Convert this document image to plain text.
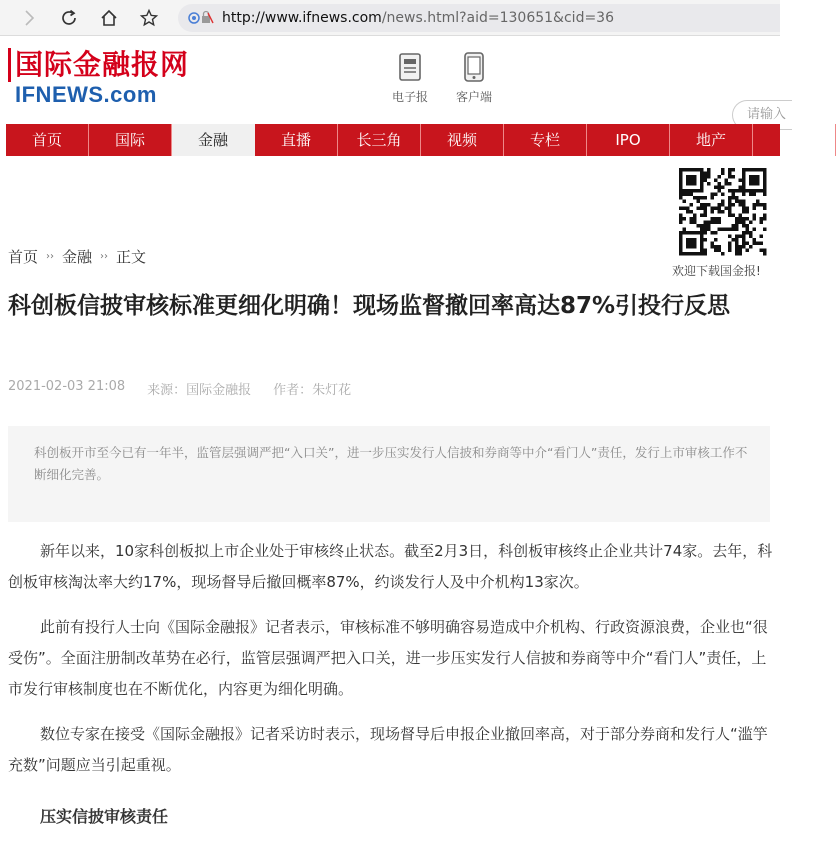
http://www.ifnews.com /news.html?aid=130651&cid=36
国际金融报网
IFNEWS.com	电子报	客户端
请输入
首页	国际	金融	直播	长三角	视频	专栏	IPO	地产
欢迎下载国金报!
首页 ›› 金融 ›› 正文
科创板信披审核标准更细化明确！现场监督撤回率高达87%引投行反思
2021-02-03 21:08 来源：国际金融报 作者：朱灯花
科创板开市至今已有一年半，监管层强调严把“入口关”，进一步压实发行人信披和券商等中介“看门人”责任，发行上市审核工作不断细化完善。

新年以来，10家科创板拟上市企业处于审核终止状态。截至2月3日，科创板审核终止企业共计74家。去年，科创板审核淘汰率大约17%，现场督导后撤回概率87%，约谈发行人及中介机构13家次。

此前有投行人士向《国际金融报》记者表示，审核标准不够明确容易造成中介机构、行政资源浪费，企业也“很受伤”。全面注册制改革势在必行，监管层强调严把入口关，进一步压实发行人信披和券商等中介“看门人”责任，上市发行审核制度也在不断优化，内容更为细化明确。

数位专家在接受《国际金融报》记者采访时表示，现场督导后申报企业撤回率高，对于部分券商和发行人“滥竽充数”问题应当引起重视。

压实信披审核责任
